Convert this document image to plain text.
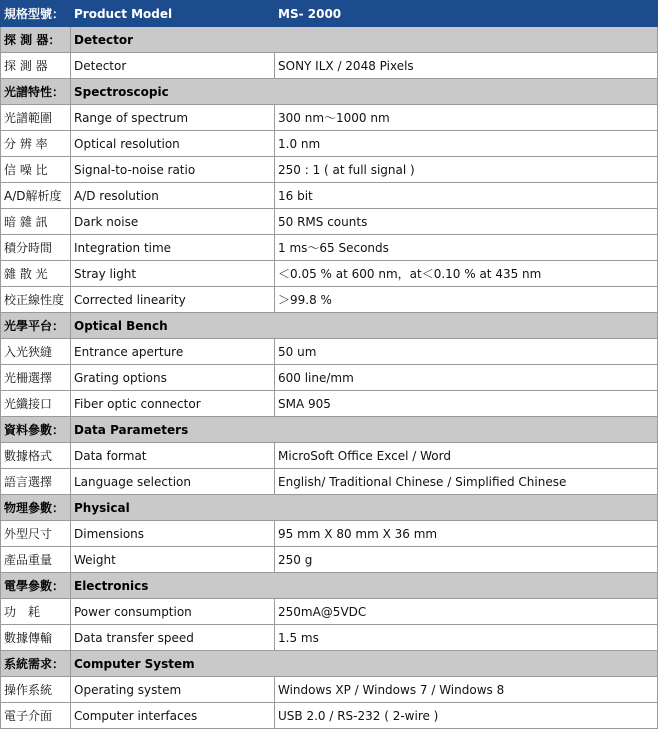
規格型號：	Product Model	MS- 2000
探 測 器：	Detector	
探 測 器	Detector	SONY ILX / 2048 Pixels
光譜特性：	Spectroscopic	
光譜範圍	Range of spectrum	300 nm～1000 nm
分 辨 率	Optical resolution	1.0 nm
信 噪 比	Signal-to-noise ratio	250 : 1 ( at full signal )
A/D解析度	A/D resolution	16 bit
暗 雜 訊	Dark noise	50 RMS counts
積分時間	Integration time	1 ms～65 Seconds
雜 散 光	Stray light	＜0.05 % at 600 nm，at＜0.10 % at 435 nm
校正線性度	Corrected linearity	＞99.8 %
光學平台：	Optical Bench	
入光狹縫	Entrance aperture	50 um
光柵選擇	Grating options	600 line/mm
光纖接口	Fiber optic connector	SMA 905
資料參數：	Data Parameters	
數據格式	Data format	MicroSoft Office Excel / Word
語言選擇	Language selection	English/ Traditional Chinese / Simplified Chinese
物理參數：	Physical	
外型尺寸	Dimensions	95 mm X 80 mm X 36 mm
產品重量	Weight	250 g
電學參數：	Electronics	
功　耗	Power consumption	250mA@5VDC
數據傳輸	Data transfer speed	1.5 ms
系統需求：	Computer System	
操作系統	Operating system	Windows XP / Windows 7 / Windows 8
電子介面	Computer interfaces	USB 2.0 / RS-232 ( 2-wire )
